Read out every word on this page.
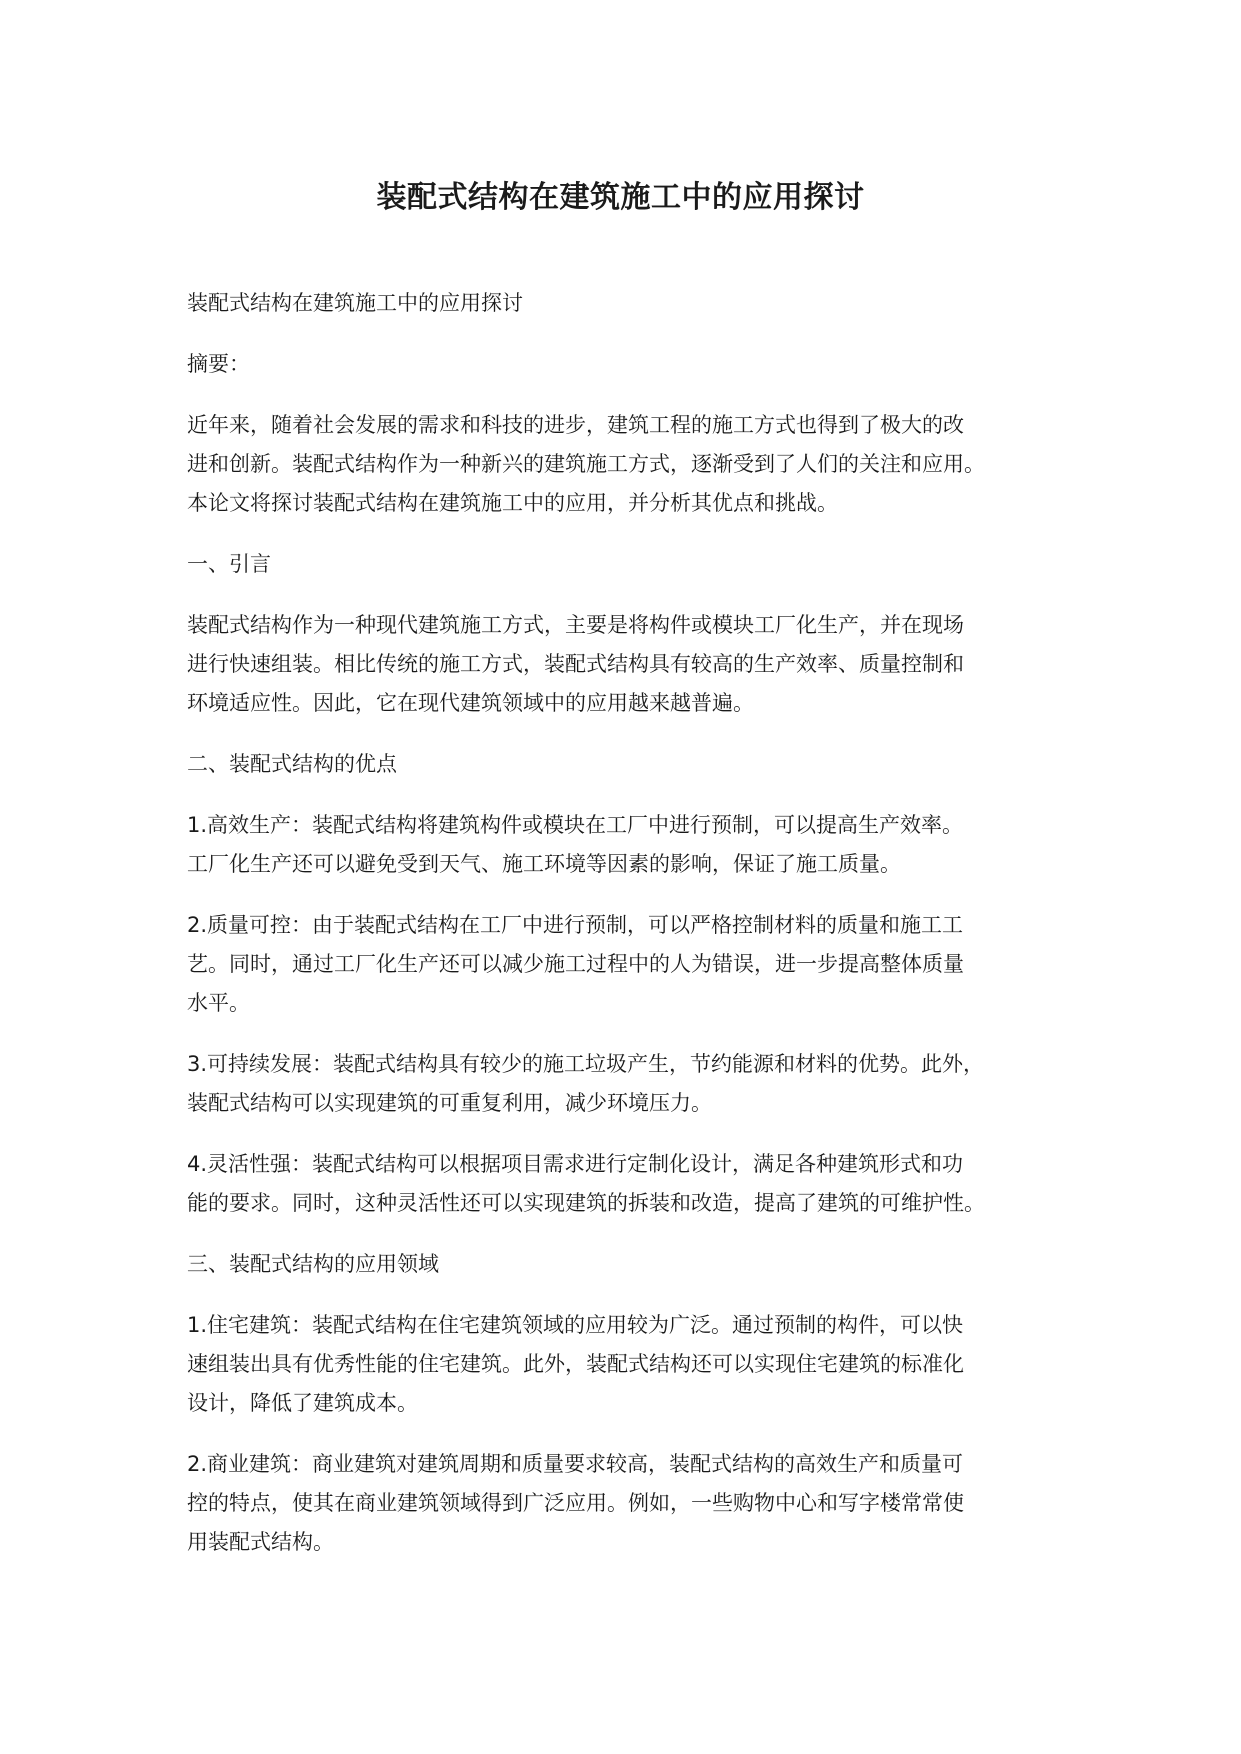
装配式结构在建筑施工中的应用探讨

装配式结构在建筑施工中的应用探讨

摘要：

近年来，随着社会发展的需求和科技的进步，建筑工程的施工方式也得到了极大的改
进和创新。装配式结构作为一种新兴的建筑施工方式，逐渐受到了人们的关注和应用。
本论文将探讨装配式结构在建筑施工中的应用，并分析其优点和挑战。

一、引言

装配式结构作为一种现代建筑施工方式，主要是将构件或模块工厂化生产，并在现场
进行快速组装。相比传统的施工方式，装配式结构具有较高的生产效率、质量控制和
环境适应性。因此，它在现代建筑领域中的应用越来越普遍。

二、装配式结构的优点

1.高效生产：装配式结构将建筑构件或模块在工厂中进行预制，可以提高生产效率。
工厂化生产还可以避免受到天气、施工环境等因素的影响，保证了施工质量。

2.质量可控：由于装配式结构在工厂中进行预制，可以严格控制材料的质量和施工工
艺。同时，通过工厂化生产还可以减少施工过程中的人为错误，进一步提高整体质量
水平。

3.可持续发展：装配式结构具有较少的施工垃圾产生，节约能源和材料的优势。此外，
装配式结构可以实现建筑的可重复利用，减少环境压力。

4.灵活性强：装配式结构可以根据项目需求进行定制化设计，满足各种建筑形式和功
能的要求。同时，这种灵活性还可以实现建筑的拆装和改造，提高了建筑的可维护性。

三、装配式结构的应用领域

1.住宅建筑：装配式结构在住宅建筑领域的应用较为广泛。通过预制的构件，可以快
速组装出具有优秀性能的住宅建筑。此外，装配式结构还可以实现住宅建筑的标准化
设计，降低了建筑成本。

2.商业建筑：商业建筑对建筑周期和质量要求较高，装配式结构的高效生产和质量可
控的特点，使其在商业建筑领域得到广泛应用。例如，一些购物中心和写字楼常常使
用装配式结构。
